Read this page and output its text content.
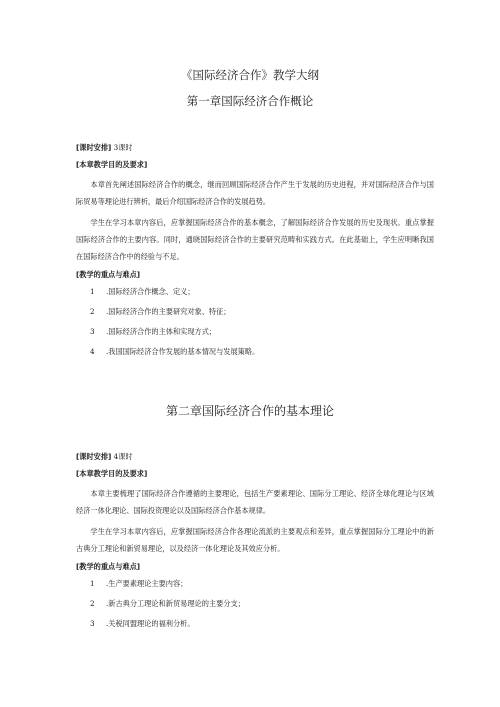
《国际经济合作》教学大纲
第一章国际经济合作概论

[课时安排] 3课时

[本章教学目的及要求]

本章首先阐述国际经济合作的概念，继而回顾国际经济合作产生于发展的历史进程，并对国际经济合作与国际贸易等理论进行辨析，最后介绍国际经济合作的发展趋势。

学生在学习本章内容后，应掌握国际经济合作的基本概念，了解国际经济合作发展的历史及现状。重点掌握国际经济合作的主要内容。同时，通晓国际经济合作的主要研究范畴和实践方式。在此基础上，学生应明晰我国在国际经济合作中的经验与不足。

[教学的重点与难点]
1 .国际经济合作概念、定义；
2 .国际经济合作的主要研究对象、特征；
3 .国际经济合作的主体和实现方式；
4 .我国国际经济合作发展的基本情况与发展策略。
第二章国际经济合作的基本理论

[课时安排] 4课时

[本章教学目的及要求]

本章主要梳理了国际经济合作遵循的主要理论，包括生产要素理论、国际分工理论、经济全球化理论与区域经济一体化理论、国际投资理论以及国际经济合作基本规律。

学生在学习本章内容后，应掌握国际经济合作各理论流派的主要观点和差异，重点掌握国际分工理论中的新古典分工理论和新贸易理论，以及经济一体化理论及其效应分析。

[教学的重点与难点]
1 .生产要素理论主要内容；
2 .新古典分工理论和新贸易理论的主要分支；
3 .关税同盟理论的福利分析。
